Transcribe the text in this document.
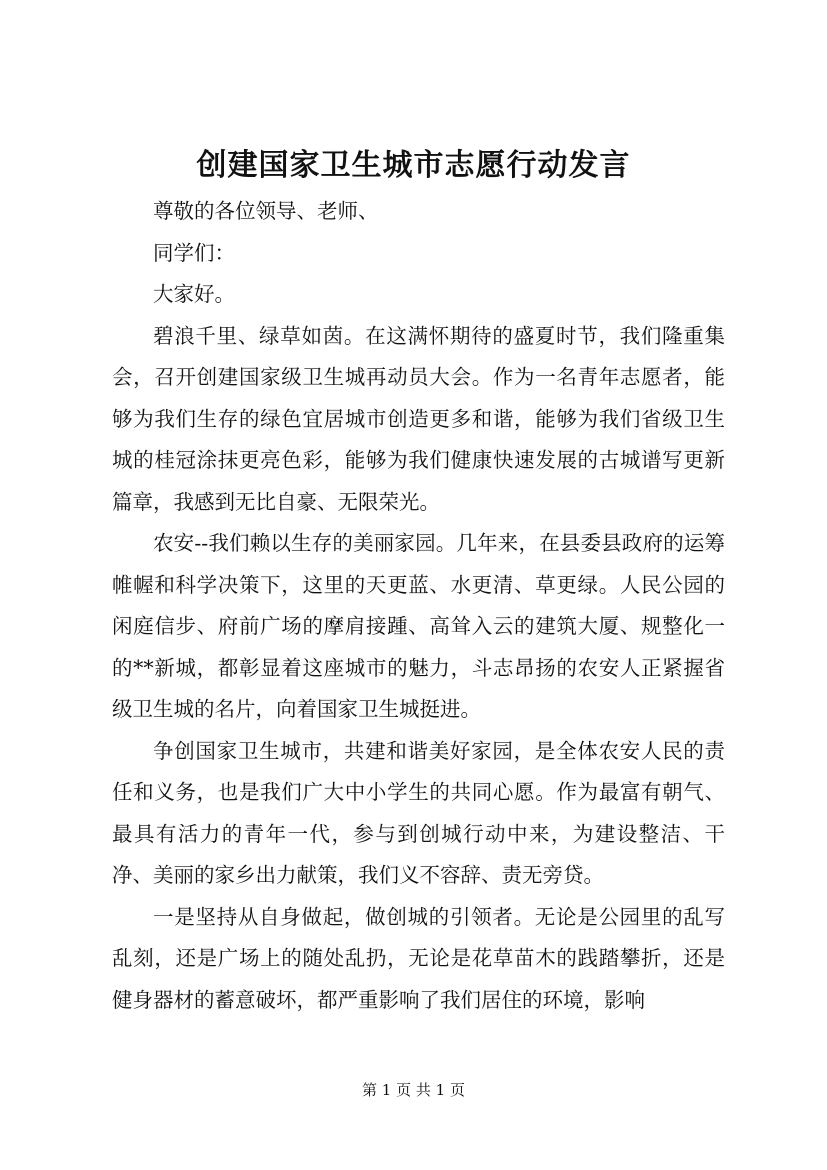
创建国家卫生城市志愿行动发言

尊敬的各位领导、老师、

同学们：

大家好。

碧浪千里、绿草如茵。在这满怀期待的盛夏时节，我们隆重集会，召开创建国家级卫生城再动员大会。作为一名青年志愿者，能够为我们生存的绿色宜居城市创造更多和谐，能够为我们省级卫生城的桂冠涂抹更亮色彩，能够为我们健康快速发展的古城谱写更新篇章，我感到无比自豪、无限荣光。

农安--我们赖以生存的美丽家园。几年来，在县委县政府的运筹帷幄和科学决策下，这里的天更蓝、水更清、草更绿。人民公园的闲庭信步、府前广场的摩肩接踵、高耸入云的建筑大厦、规整化一的**新城，都彰显着这座城市的魅力，斗志昂扬的农安人正紧握省级卫生城的名片，向着国家卫生城挺进。

争创国家卫生城市，共建和谐美好家园，是全体农安人民的责任和义务，也是我们广大中小学生的共同心愿。作为最富有朝气、最具有活力的青年一代，参与到创城行动中来，为建设整洁、干净、美丽的家乡出力献策，我们义不容辞、责无旁贷。

一是坚持从自身做起，做创城的引领者。无论是公园里的乱写乱刻，还是广场上的随处乱扔，无论是花草苗木的践踏攀折，还是健身器材的蓄意破坏，都严重影响了我们居住的环境，影响

第 1 页 共 1 页
